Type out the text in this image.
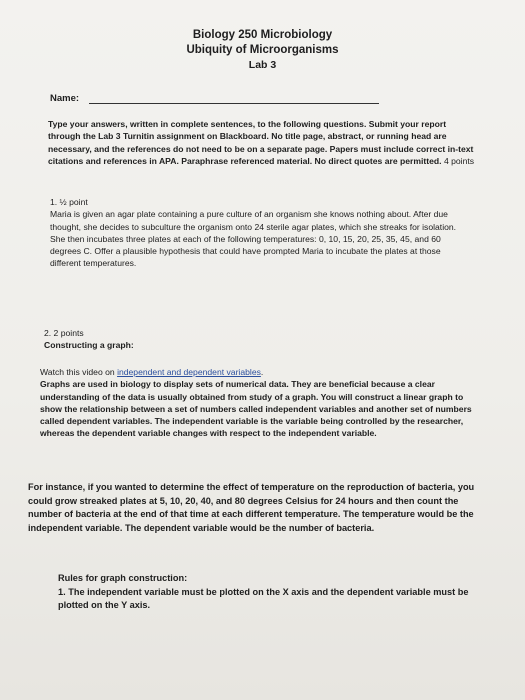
Biology 250 Microbiology
Ubiquity of Microorganisms
Lab 3
Name:
Type your answers, written in complete sentences, to the following questions. Submit your report through the Lab 3 Turnitin assignment on Blackboard. No title page, abstract, or running head are necessary, and the references do not need to be on a separate page. Papers must include correct in-text citations and references in APA. Paraphrase referenced material. No direct quotes are permitted. 4 points
1. ½ point
Maria is given an agar plate containing a pure culture of an organism she knows nothing about. After due thought, she decides to subculture the organism onto 24 sterile agar plates, which she streaks for isolation. She then incubates three plates at each of the following temperatures: 0, 10, 15, 20, 25, 35, 45, and 60 degrees C. Offer a plausible hypothesis that could have prompted Maria to incubate the plates at those different temperatures.
2. 2 points
Constructing a graph:
Watch this video on independent and dependent variables.
Graphs are used in biology to display sets of numerical data. They are beneficial because a clear understanding of the data is usually obtained from study of a graph. You will construct a linear graph to show the relationship between a set of numbers called independent variables and another set of numbers called dependent variables. The independent variable is the variable being controlled by the researcher, whereas the dependent variable changes with respect to the independent variable.
For instance, if you wanted to determine the effect of temperature on the reproduction of bacteria, you could grow streaked plates at 5, 10, 20, 40, and 80 degrees Celsius for 24 hours and then count the number of bacteria at the end of that time at each different temperature. The temperature would be the independent variable. The dependent variable would be the number of bacteria.
Rules for graph construction:
1. The independent variable must be plotted on the X axis and the dependent variable must be plotted on the Y axis.
